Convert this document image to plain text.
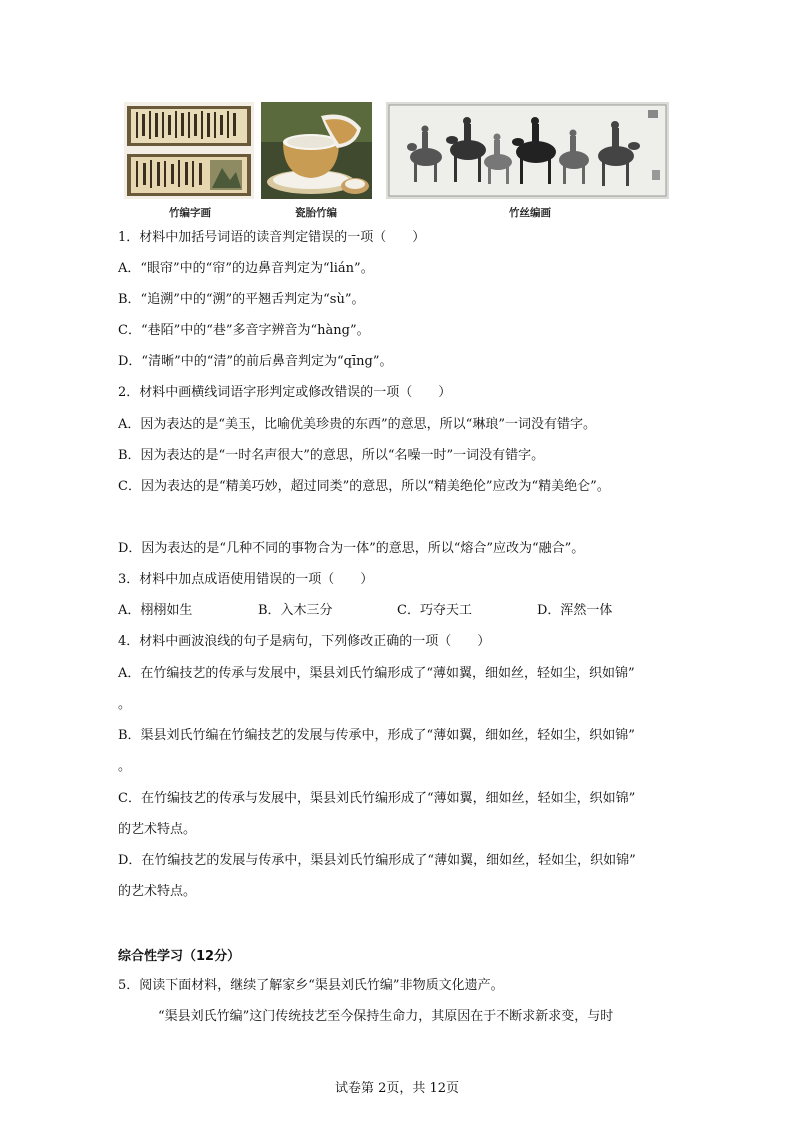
竹编字画	瓷胎竹编	竹丝编画
1．材料中加括号词语的读音判定错误的一项（　　）
A．“眼帘”中的“帘”的边鼻音判定为“lián”。
B．“追溯”中的“溯”的平翘舌判定为“sù”。
C．“巷陌”中的“巷”多音字辨音为“hàng”。
D．“清晰”中的“清”的前后鼻音判定为“qīng”。
2．材料中画横线词语字形判定或修改错误的一项（　　）
A．因为表达的是“美玉，比喻优美珍贵的东西”的意思，所以“琳琅”一词没有错字。
B．因为表达的是“一时名声很大”的意思，所以“名噪一时”一词没有错字。
C．因为表达的是“精美巧妙，超过同类”的意思，所以“精美绝伦”应改为“精美绝仑”。
D．因为表达的是“几种不同的事物合为一体”的意思，所以“熔合”应改为“融合”。
3．材料中加点成语使用错误的一项（　　）
A．栩栩如生	B．入木三分	C．巧夺天工	D．浑然一体
4．材料中画波浪线的句子是病句，下列修改正确的一项（　　）
A．在竹编技艺的传承与发展中，渠县刘氏竹编形成了“薄如翼，细如丝，轻如尘，织如锦”
。
B．渠县刘氏竹编在竹编技艺的发展与传承中，形成了“薄如翼，细如丝，轻如尘，织如锦”
。
C．在竹编技艺的传承与发展中，渠县刘氏竹编形成了“薄如翼，细如丝，轻如尘，织如锦”
的艺术特点。
D．在竹编技艺的发展与传承中，渠县刘氏竹编形成了“薄如翼，细如丝，轻如尘，织如锦”
的艺术特点。
综合性学习（12分）
5．阅读下面材料，继续了解家乡“渠县刘氏竹编”非物质文化遗产。
“渠县刘氏竹编”这门传统技艺至今保持生命力，其原因在于不断求新求变，与时
试卷第 2页，共 12页
